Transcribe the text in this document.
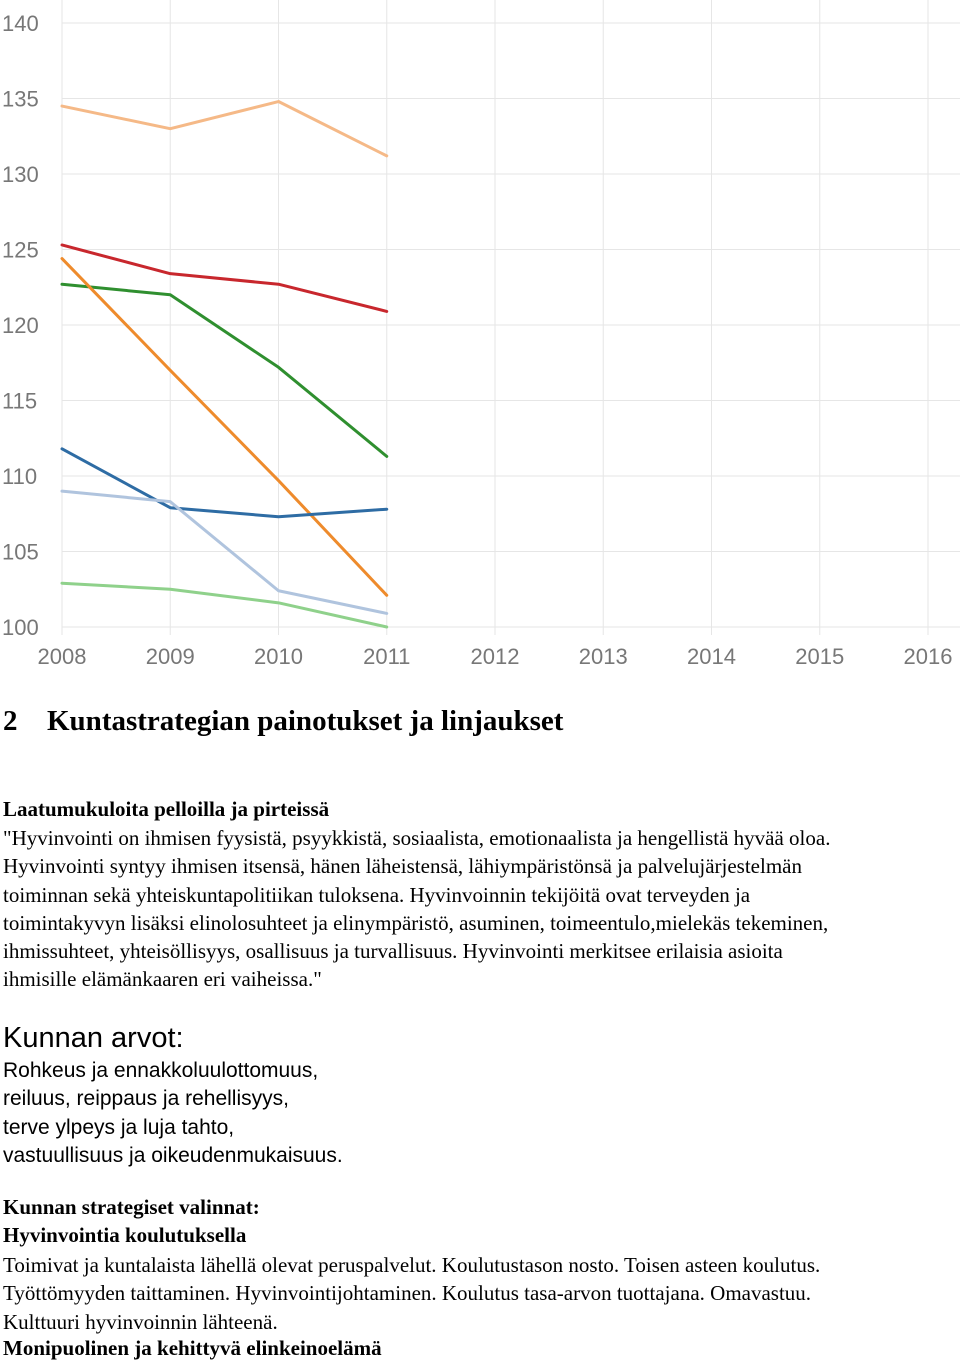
100
105
110
115
120
125
130
135
140
2008	2009	2010	2011	2012	2013	2014	2015	2016
2 Kuntastrategian painotukset ja linjaukset

Laatumukuloita pelloilla ja pirteissä

"Hyvinvointi on ihmisen fyysistä, psyykkistä, sosiaalista, emotionaalista ja hengellistä hyvää oloa.
Hyvinvointi syntyy ihmisen itsensä, hänen läheistensä, lähiympäristönsä ja palvelujärjestelmän
toiminnan sekä yhteiskuntapolitiikan tuloksena. Hyvinvoinnin tekijöitä ovat terveyden ja
toimintakyvyn lisäksi elinolosuhteet ja elinympäristö, asuminen, toimeentulo,mielekäs tekeminen,
ihmissuhteet, yhteisöllisyys, osallisuus ja turvallisuus. Hyvinvointi merkitsee erilaisia asioita
ihmisille elämänkaaren eri vaiheissa."

Kunnan arvot:
Rohkeus ja ennakkoluulottomuus,
reiluus, reippaus ja rehellisyys,
terve ylpeys ja luja tahto,
vastuullisuus ja oikeudenmukaisuus.

Kunnan strategiset valinnat:

Hyvinvointia koulutuksella

Toimivat ja kuntalaista lähellä olevat peruspalvelut. Koulutustason nosto. Toisen asteen koulutus.
Työttömyyden taittaminen. Hyvinvointijohtaminen. Koulutus tasa-arvon tuottajana. Omavastuu.
Kulttuuri hyvinvoinnin lähteenä.

Monipuolinen ja kehittyvä elinkeinoelämä
